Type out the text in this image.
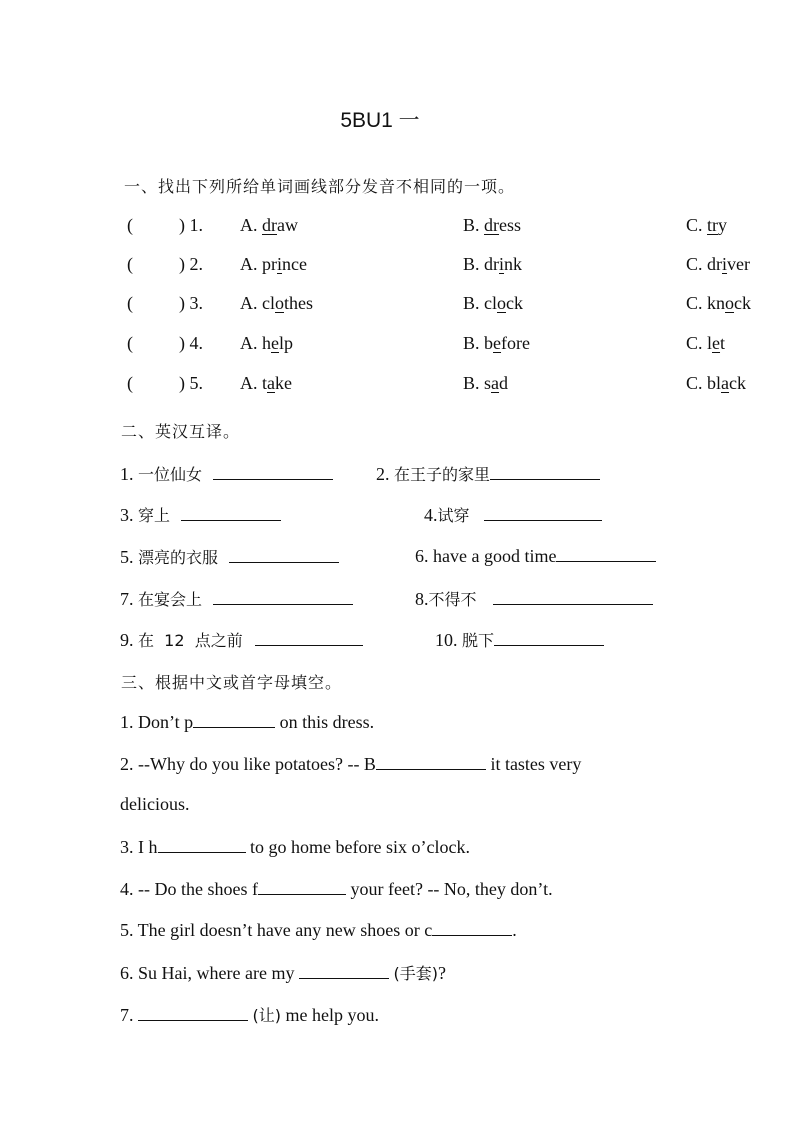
5BU1 一
一、找出下列所给单词画线部分发音不相同的一项。
(	) 1. A. draw	B. dress	C. try
(	) 2. A. prince	B. drink	C. driver
(	) 3. A. clothes	B. clock	C. knock
(	) 4. A. help	B. before	C. let
(	) 5. A. take	B. sad	C. black
二、英汉互译。
1. 一位仙女	2. 在王子的家里
3. 穿上	4.试穿
5. 漂亮的衣服	6. have a good time
7. 在宴会上	8.不得不
9. 在  12  点之前	10. 脱下
三、根据中文或首字母填空。
1. Don’t p	on this dress.
2. --Why do you like potatoes? -- B	it tastes very
delicious.
3. I h	to go home before six o’clock.
4. -- Do the shoes f	your feet? -- No, they don’t.
5. The girl doesn’t have any new shoes or c	.
6. Su Hai, where are my	(手套)?
7.	(让) me help you.
